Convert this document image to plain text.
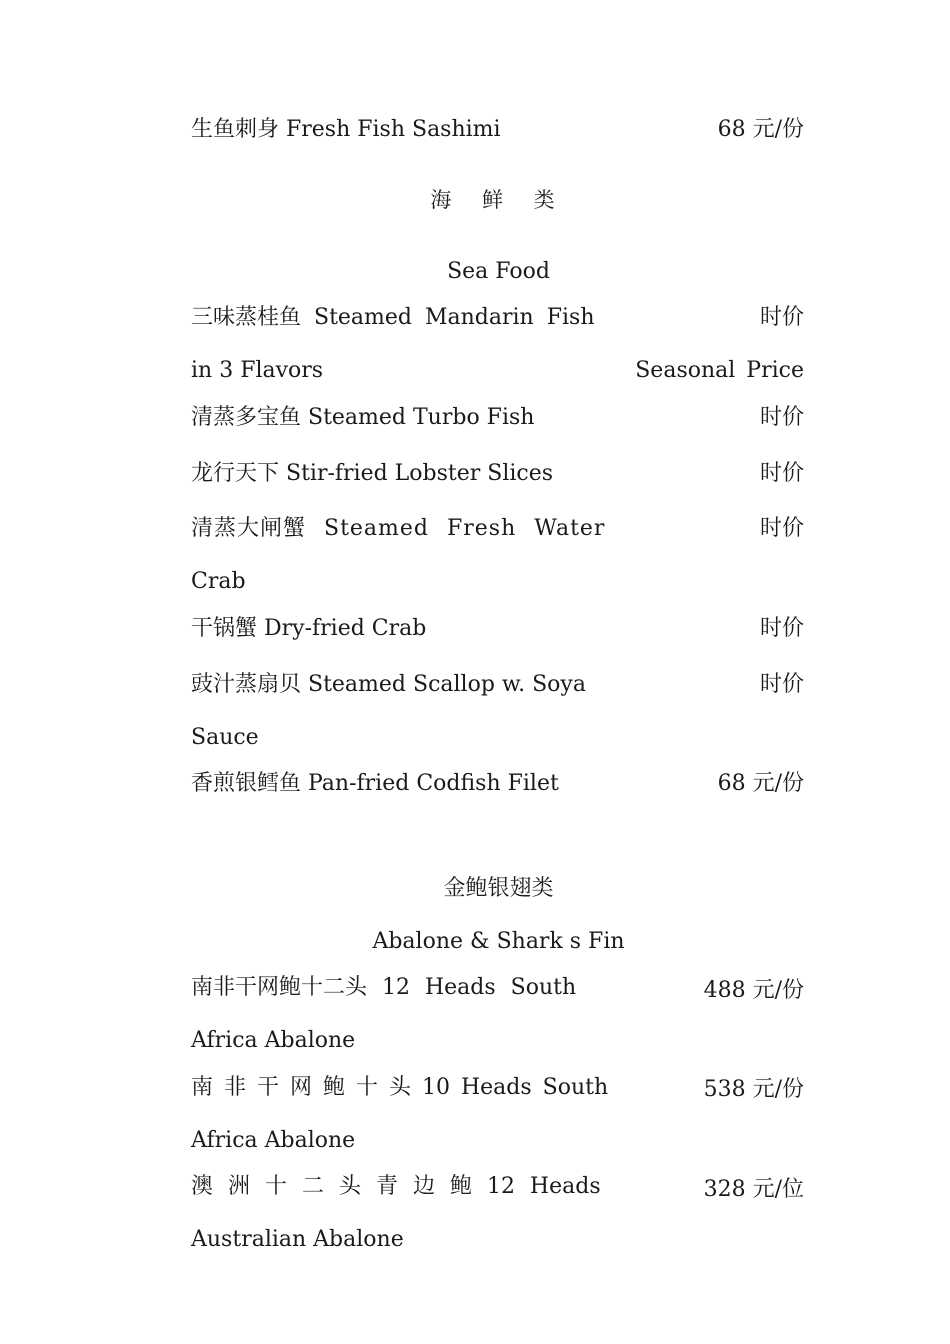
生鱼刺身 Fresh Fish Sashimi	68 元/份
海 鲜 类
Sea Food
三味蒸桂鱼 Steamed Mandarin Fish	时价
in 3 Flavors	Seasonal Price
清蒸多宝鱼 Steamed Turbo Fish	时价
龙行天下 Stir-fried Lobster Slices	时价
清蒸大闸蟹 Steamed Fresh Water	时价
Crab
干锅蟹 Dry-fried Crab	时价
豉汁蒸扇贝 Steamed Scallop w. Soya	时价
Sauce
香煎银鳕鱼 Pan-fried Codfish Filet	68 元/份
金鲍银翅类
Abalone & Shark s Fin
南非干网鲍十二头 12 Heads South	488 元/份
Africa Abalone
南 非 干 网 鲍 十 头 10 Heads South	538 元/份
Africa Abalone
澳 洲 十 二 头 青 边 鲍 12 Heads	328 元/位
Australian Abalone
